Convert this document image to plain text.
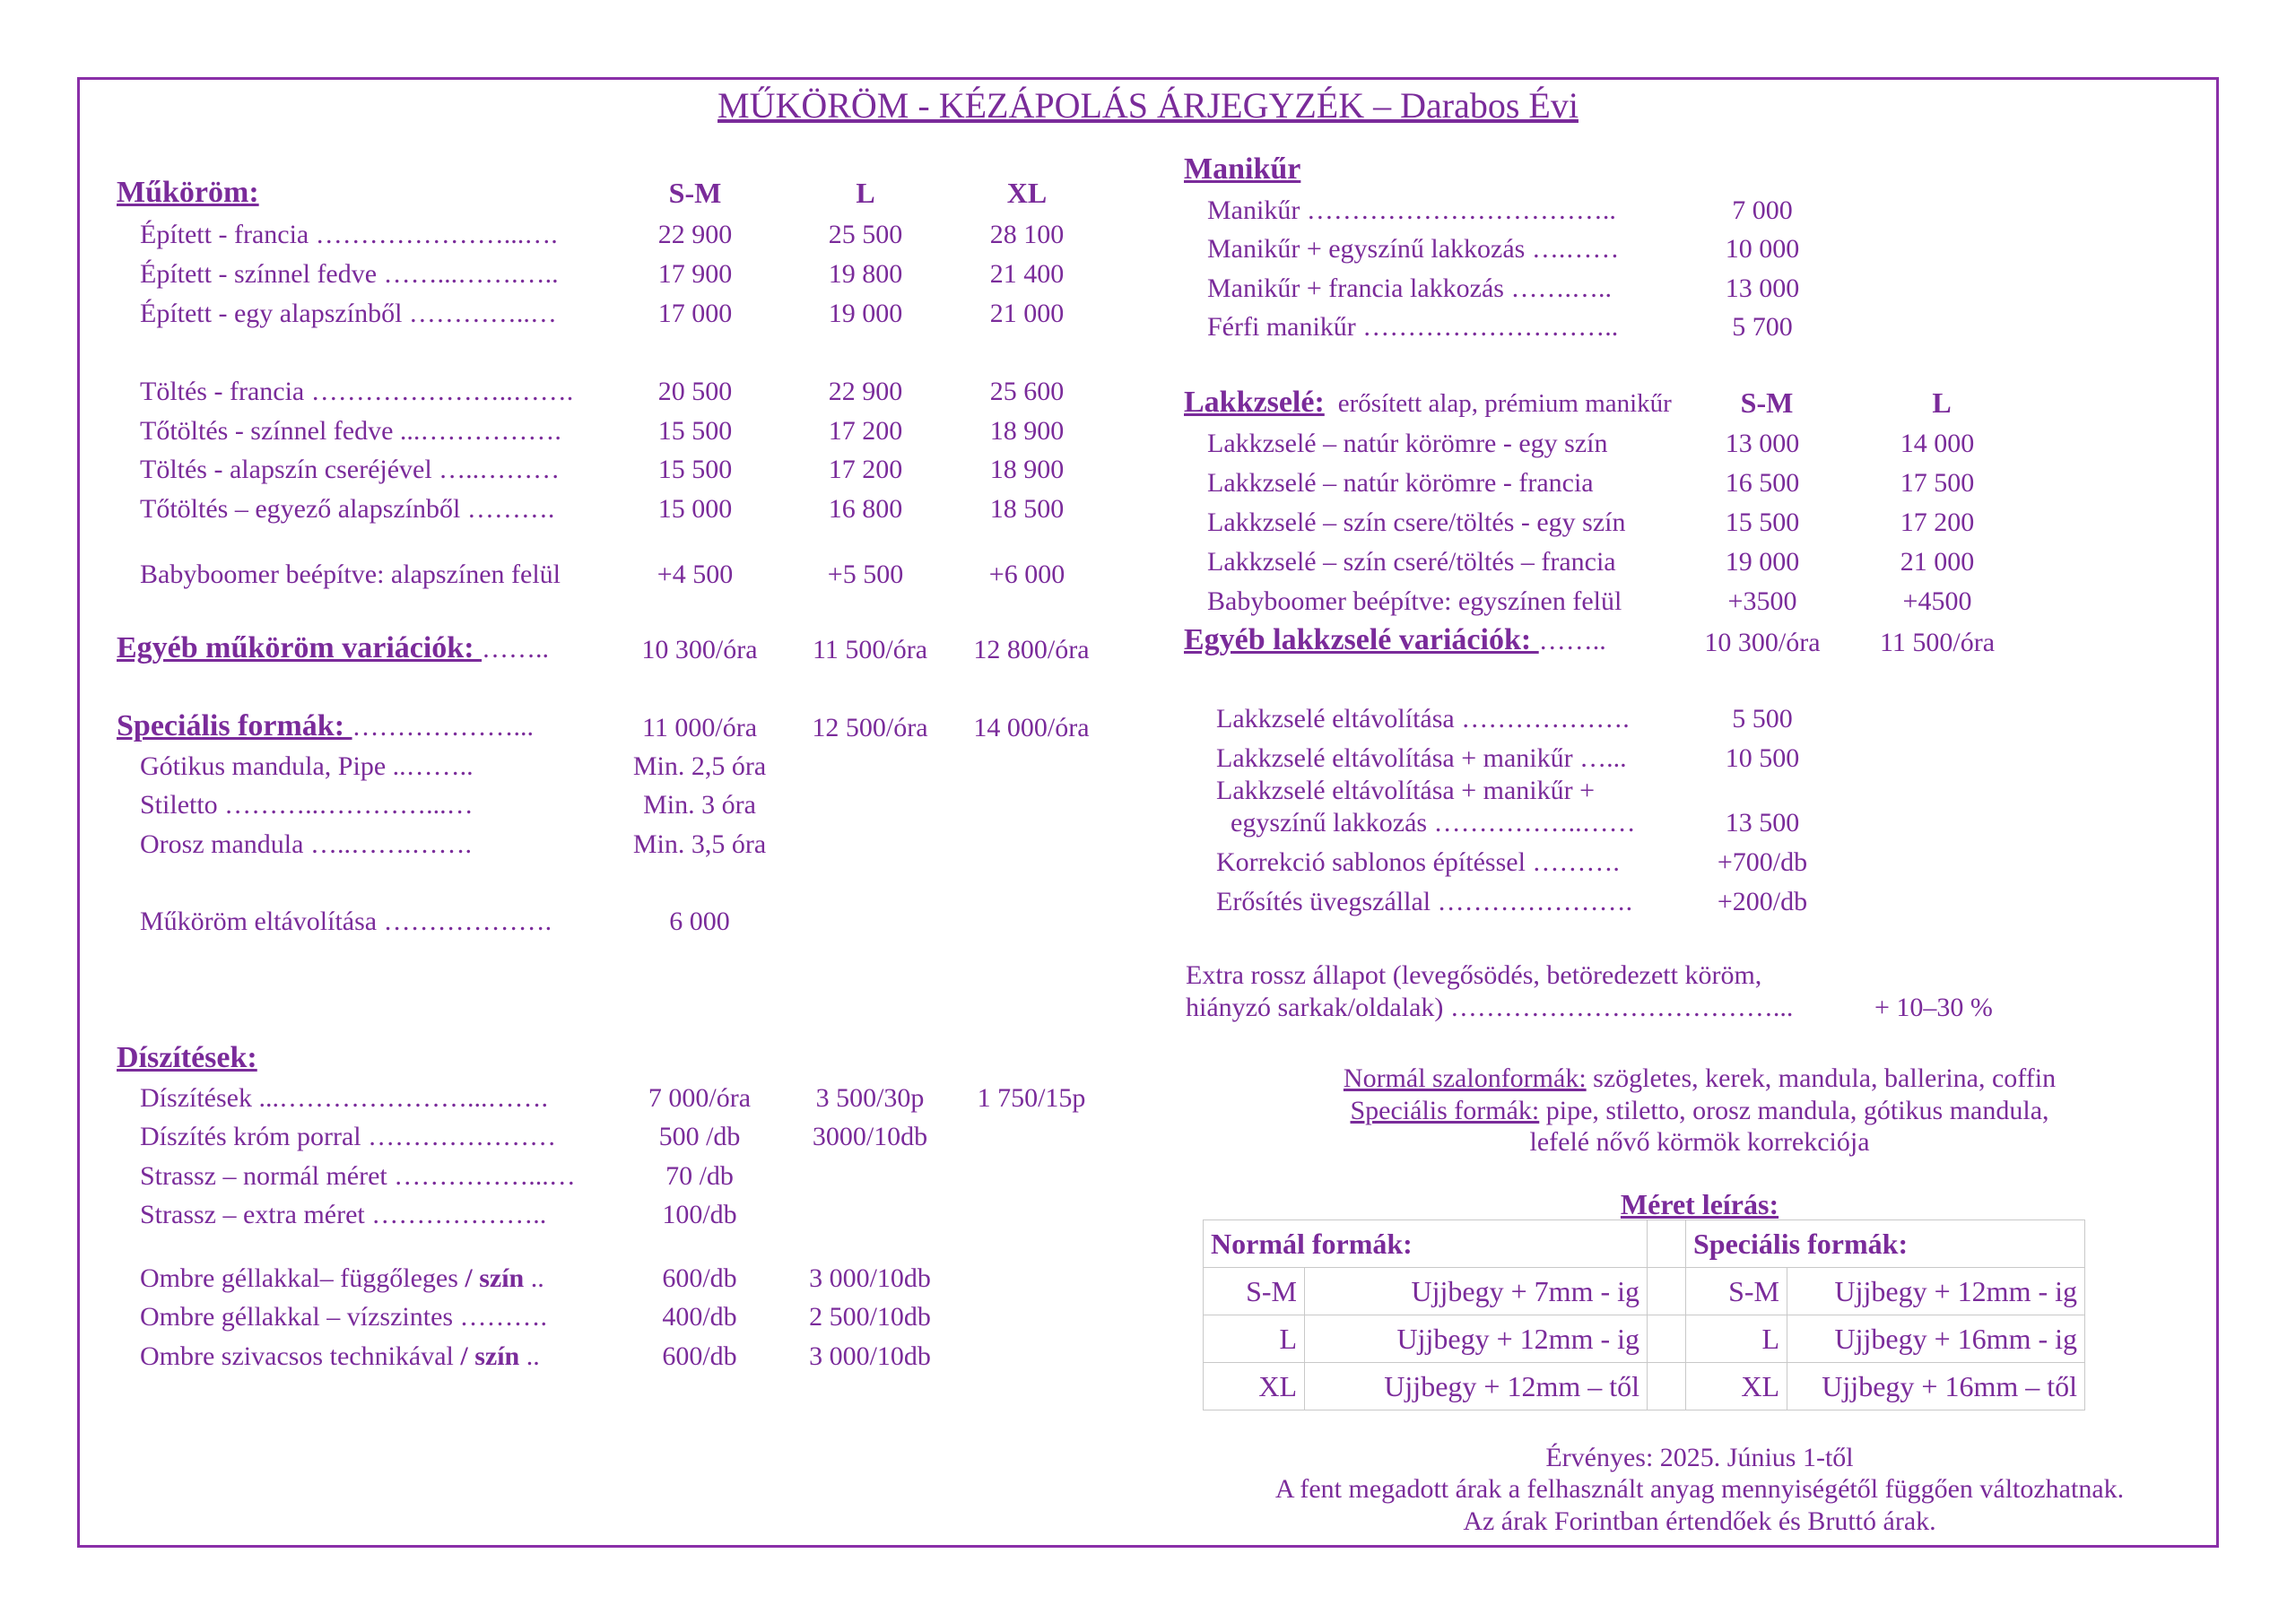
MŰKÖRÖM - KÉZÁPOLÁS ÁRJEGYZÉK – Darabos Évi
Műköröm:	S-M	L	XL
Épített - francia …………………...….	22 900	25 500	28 100
Épített - színnel fedve ……...…….…..	17 900	19 800	21 400
Épített - egy alapszínből …………..…	17 000	19 000	21 000
Töltés - francia …………………..…….	20 500	22 900	25 600
Tőtöltés - színnel fedve ...…………….	15 500	17 200	18 900
Töltés - alapszín cseréjével …..………	15 500	17 200	18 900
Tőtöltés – egyező alapszínből ……….	15 000	16 800	18 500
Babyboomer beépítve: alapszínen felül	+4 500	+5 500	+6 000
Egyéb műköröm variációk: ……..	10 300/óra	11 500/óra	12 800/óra
Speciális formák: ………………...	11 000/óra	12 500/óra	14 000/óra
Gótikus mandula, Pipe ..……..	Min. 2,5 óra
Stiletto ………..…………...…	Min. 3 óra
Orosz mandula …..…….…….	Min. 3,5 óra
Műköröm eltávolítása ……………….	6 000
Díszítések:
Díszítések ...…………………...…….	7 000/óra	3 500/30p	1 750/15p
Díszítés króm porral …………………	500 /db	3000/10db
Strassz – normál méret ……………...…	70 /db
Strassz – extra méret ………………..	100/db
Ombre géllakkal– függőleges / szín ..	600/db	3 000/10db
Ombre géllakkal – vízszintes ……….	400/db	2 500/10db
Ombre szivacsos technikával / szín ..	600/db	3 000/10db
Manikűr
Manikűr ……………………………..	7 000
Manikűr + egyszínű lakkozás ….……	10 000
Manikűr + francia lakkozás …….…..	13 000
Férfi manikűr ………………………..	5 700
Lakkzselé: erősített alap, prémium manikűr	S-M	L
Lakkzselé – natúr körömre - egy szín	13 000	14 000
Lakkzselé – natúr körömre - francia	16 500	17 500
Lakkzselé – szín csere/töltés - egy szín	15 500	17 200
Lakkzselé – szín cseré/töltés – francia	19 000	21 000
Babyboomer beépítve: egyszínen felül	+3500	+4500
Egyéb lakkzselé variációk: ……..	10 300/óra	11 500/óra
Lakkzselé eltávolítása ……………….	5 500
Lakkzselé eltávolítása + manikűr …...	10 500
Lakkzselé eltávolítása + manikűr +
egyszínű lakkozás ……………..……	13 500
Korrekció sablonos építéssel ……….	+700/db
Erősítés üvegszállal ………………….	+200/db
Extra rossz állapot (levegősödés, betöredezett köröm,
hiányzó sarkak/oldalak) ………………………………...	+ 10–30 %
Normál szalonformák: szögletes, kerek, mandula, ballerina, coffin
Speciális formák: pipe, stiletto, orosz mandula, gótikus mandula,
lefelé nővő körmök korrekciója
Méret leírás:
Normál formák:			Speciális formák:	
S-M	Ujjbegy + 7mm - ig		S-M	Ujjbegy + 12mm - ig
L	Ujjbegy + 12mm - ig		L	Ujjbegy + 16mm - ig
XL	Ujjbegy + 12mm – től		XL	Ujjbegy + 16mm – től
Érvényes: 2025. Június 1-től
A fent megadott árak a felhasznált anyag mennyiségétől függően változhatnak.
Az árak Forintban értendőek és Bruttó árak.
